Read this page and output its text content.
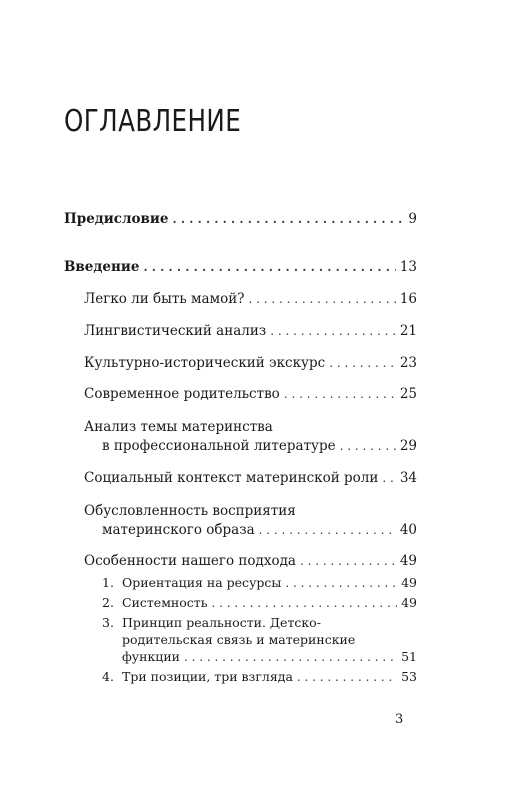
ОГЛАВЛЕНИЕ
Предисловие . . .	9
Введение . . .	13
Легко ли быть мамой? . . .	16
Лингвистический анализ . . .	21
Культурно-исторический экскурс . . .	23
Современное родительство . . .	25
Анализ темы материнства
в профессиональной литературе . . .	29
Социальный контекст материнской роли . . . 34
Обусловленность восприятия
материнского образа . . .	40
Особенности нашего подхода . . .	49
1. Ориентация на ресурсы . . .	49
2. Системность . . .	49
3. Принцип реальности. Детско-
родительская связь и материнские
функции . . .	51
4. Три позиции, три взгляда . . .	53
3
